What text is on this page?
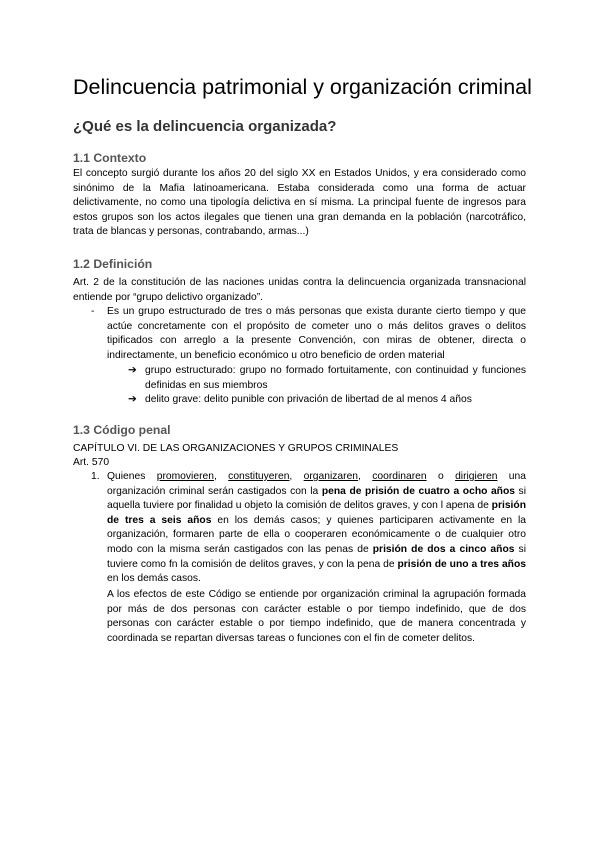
Delincuencia patrimonial y organización criminal
¿Qué es la delincuencia organizada?
1.1 Contexto

El concepto surgió durante los años 20 del siglo XX en Estados Unidos, y era considerado como sinónimo de la Mafia latinoamericana. Estaba considerada como una forma de actuar delictivamente, no como una tipología delictiva en sí misma. La principal fuente de ingresos para estos grupos son los actos ilegales que tienen una gran demanda en la población (narcotráfico, trata de blancas y personas, contrabando, armas...)

1.2 Definición

Art. 2 de la constitución de las naciones unidas contra la delincuencia organizada transnacional entiende por “grupo delictivo organizado”.

- Es un grupo estructurado de tres o más personas que exista durante cierto tiempo y que actúe concretamente con el propósito de cometer uno o más delitos graves o delitos tipificados con arreglo a la presente Convención, con miras de obtener, directa o indirectamente, un beneficio económico u otro beneficio de orden material

➔ grupo estructurado: grupo no formado fortuitamente, con continuidad y funciones definidas en sus miembros

➔ delito grave: delito punible con privación de libertad de al menos 4 años

1.3 Código penal

CAPÍTULO VI. DE LAS ORGANIZACIONES Y GRUPOS CRIMINALES

Art. 570

1. Quienes promovieren, constituyeren, organizaren, coordinaren o dirigieren una organización criminal serán castigados con la pena de prisión de cuatro a ocho años si aquella tuviere por finalidad u objeto la comisión de delitos graves, y con l apena de prisión de tres a seis años en los demás casos; y quienes participaren activamente en la organización, formaren parte de ella o cooperaren económicamente o de cualquier otro modo con la misma serán castigados con las penas de prisión de dos a cinco años si tuviere como fn la comisión de delitos graves, y con la pena de prisión de uno a tres años en los demás casos.

A los efectos de este Código se entiende por organización criminal la agrupación formada por más de dos personas con carácter estable o por tiempo indefinido, que de dos personas con carácter estable o por tiempo indefinido, que de manera concentrada y coordinada se repartan diversas tareas o funciones con el fin de cometer delitos.
